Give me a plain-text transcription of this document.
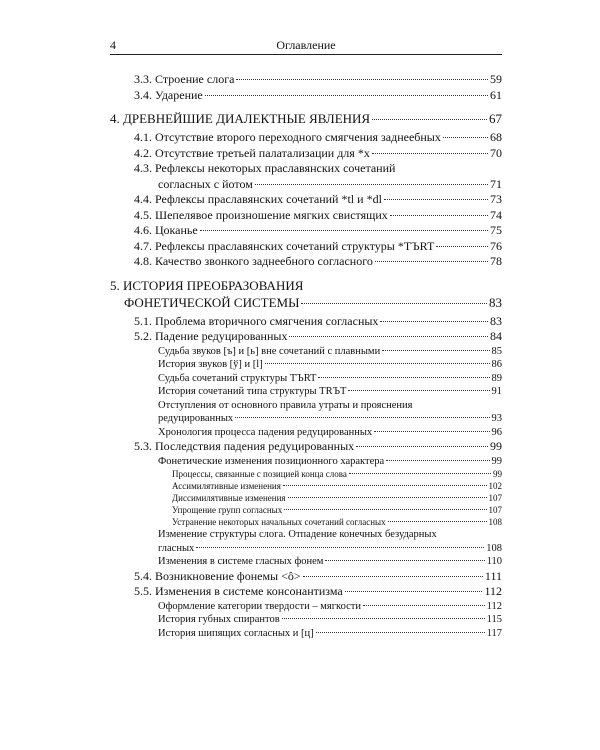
4	Оглавление
3.3. Строение слога	59
3.4. Ударение	61
4. ДРЕВНЕЙШИЕ ДИАЛЕКТНЫЕ ЯВЛЕНИЯ	67
4.1. Отсутствие второго переходного смягчения заднеебных	68
4.2. Отсутствие третьей палатализации для *x	70
4.3. Рефлексы некоторых праславянских сочетаний
согласных с йотом	71
4.4. Рефлексы праславянских сочетаний *tl и *dl	73
4.5. Шепелявое произношение мягких свистящих	74
4.6. Цоканье	75
4.7. Рефлексы праславянских сочетаний структуры *TЪRT	76
4.8. Качество звонкого заднеебного согласного	78
5. ИСТОРИЯ ПРЕОБРАЗОВАНИЯ
ФОНЕТИЧЕСКОЙ СИСТЕМЫ	83
5.1. Проблема вторичного смягчения согласных	83
5.2. Падение редуцированных	84
Судьба звуков [ъ] и [ь] вне сочетаний с плавными	85
История звуков [ў] и [ӏ]	86
Судьба сочетаний структуры TЪRT	89
История сочетаний типа структуры TRЪT	91
Отступления от основного правила утраты и прояснения
редуцированных	93
Хронология процесса падения редуцированных	96
5.3. Последствия падения редуцированных	99
Фонетические изменения позиционного характера	99
Процессы, связанные с позицией конца слова	99
Ассимилятивные изменения	102
Диссимилятивные изменения	107
Упрощение групп согласных	107
Устранение некоторых начальных сочетаний согласных	108
Изменение структуры слога. Отпадение конечных безударных
гласных	108
Изменения в системе гласных фонем	110
5.4. Возникновение фонемы <ô>	111
5.5. Изменения в системе консонантизма	112
Оформление категории твердости – мягкости	112
История губных спирантов	115
История шипящих согласных и [ц]	117
